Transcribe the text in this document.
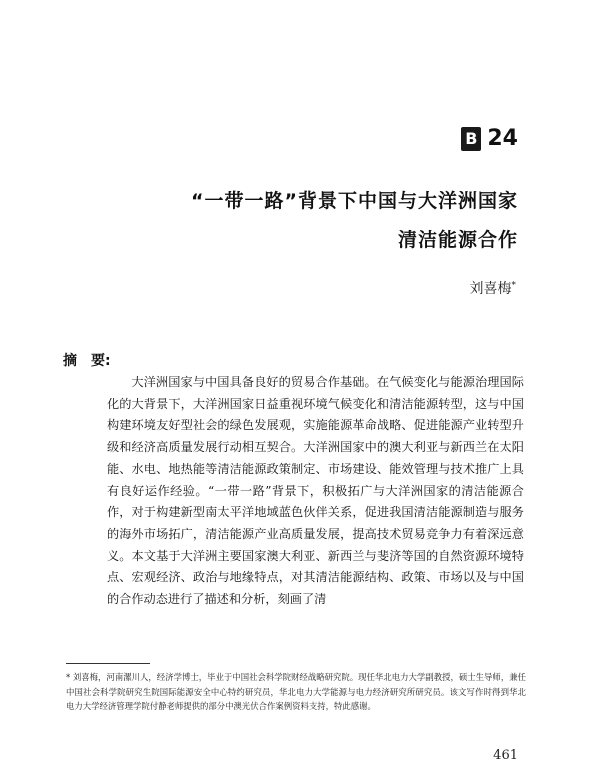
B 24
“一带一路”背景下中国与大洋洲国家
清洁能源合作
刘喜梅*
摘　要:
大洋洲国家与中国具备良好的贸易合作基础。在气候变化与能源治理国际化的大背景下，大洋洲国家日益重视环境气候变化和清洁能源转型，这与中国构建环境友好型社会的绿色发展观，实施能源革命战略、促进能源产业转型升级和经济高质量发展行动相互契合。大洋洲国家中的澳大利亚与新西兰在太阳能、水电、地热能等清洁能源政策制定、市场建设、能效管理与技术推广上具有良好运作经验。“一带一路”背景下，积极拓广与大洋洲国家的清洁能源合作，对于构建新型南太平洋地域蓝色伙伴关系，促进我国清洁能源制造与服务的海外市场拓广，清洁能源产业高质量发展，提高技术贸易竞争力有着深远意义。本文基于大洋洲主要国家澳大利亚、新西兰与斐济等国的自然资源环境特点、宏观经济、政治与地缘特点，对其清洁能源结构、政策、市场以及与中国的合作动态进行了描述和分析，刻画了清
* 刘喜梅，河南漯川人，经济学博士，毕业于中国社会科学院财经战略研究院。现任华北电力大学副教授，硕士生导师，兼任中国社会科学院研究生院国际能源安全中心特约研究员，华北电力大学能源与电力经济研究所研究员。该文写作时得到华北电力大学经济管理学院付静老师提供的部分中澳光伏合作案例资料支持，特此感谢。
461
